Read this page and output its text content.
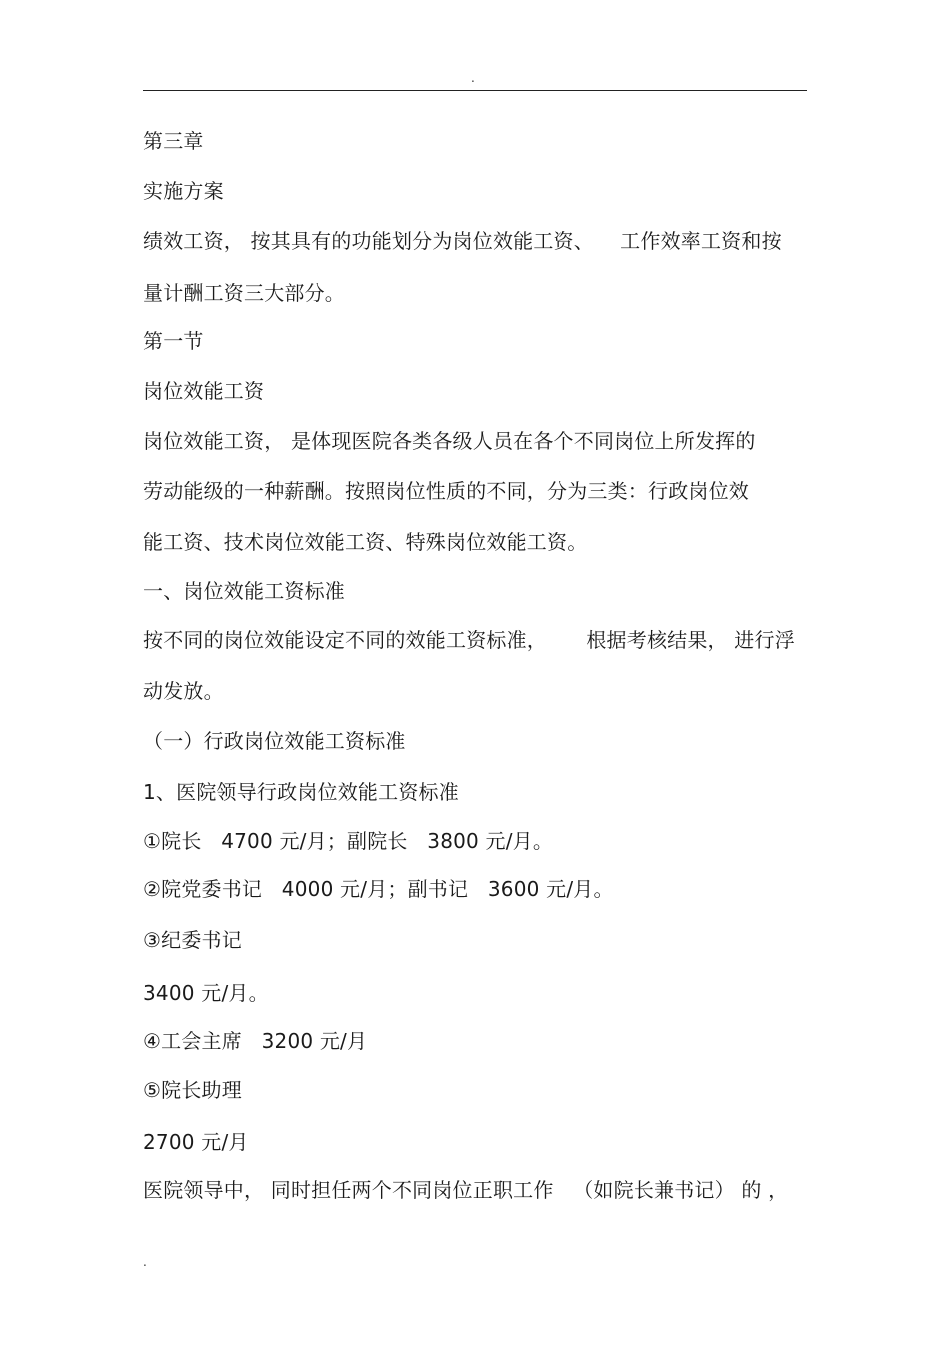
.
第三章
实施方案
绩效工资， 按其具有的功能划分为岗位效能工资、    工作效率工资和按
量计酬工资三大部分。
第一节
岗位效能工资
岗位效能工资， 是体现医院各类各级人员在各个不同岗位上所发挥的
劳动能级的一种薪酬。按照岗位性质的不同，分为三类：行政岗位效
能工资、技术岗位效能工资、特殊岗位效能工资。
一、岗位效能工资标准
按不同的岗位效能设定不同的效能工资标准，      根据考核结果， 进行浮
动发放。
（一）行政岗位效能工资标准
1、医院领导行政岗位效能工资标准
①院长   4700 元/月；副院长   3800 元/月。
②院党委书记   4000 元/月；副书记   3600 元/月。
③纪委书记
3400 元/月。
④工会主席   3200 元/月
⑤院长助理
2700 元/月
医院领导中， 同时担任两个不同岗位正职工作   （如院长兼书记） 的 ，
.
